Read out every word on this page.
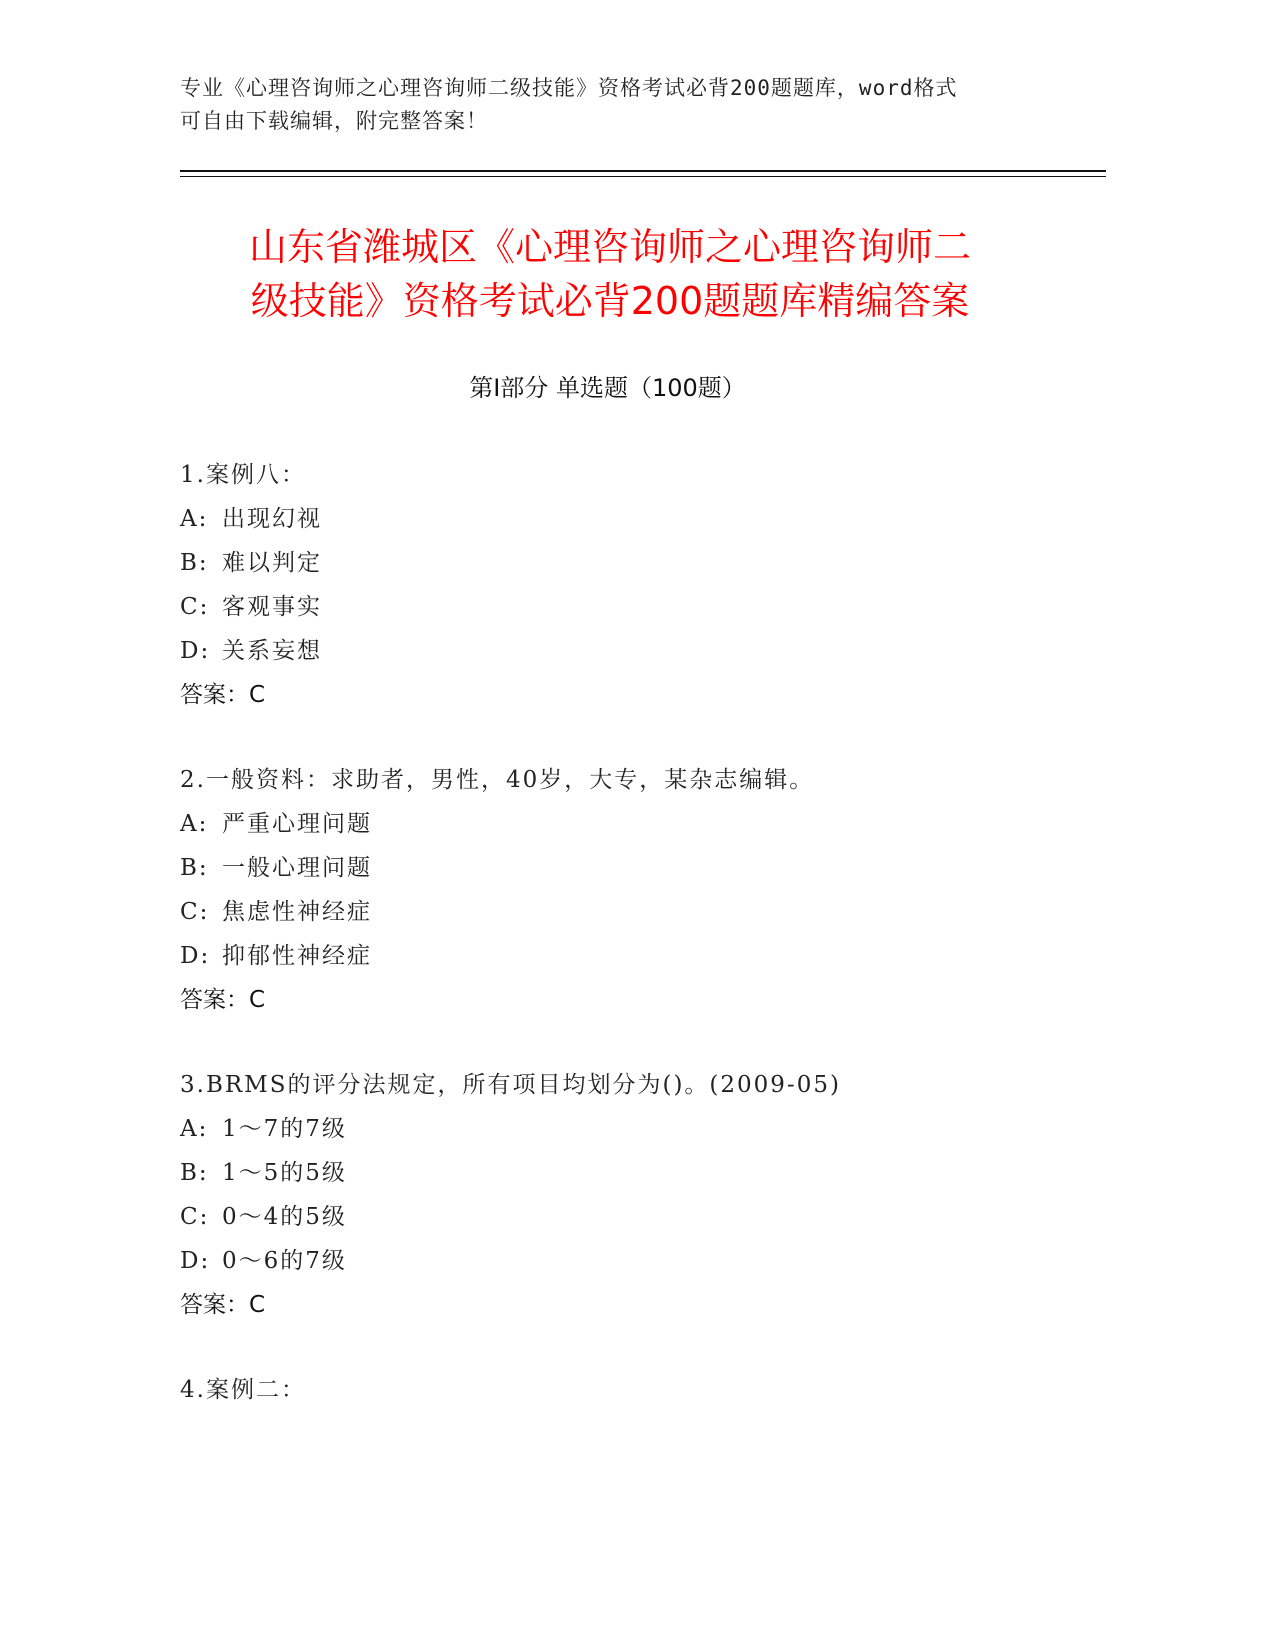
专业《心理咨询师之心理咨询师二级技能》资格考试必背200题题库，word格式
可自由下载编辑，附完整答案！
山东省潍城区《心理咨询师之心理咨询师二
级技能》资格考试必背200题题库精编答案
第Ⅰ部分 单选题（100题）
1.案例八：
A: 出现幻视
B: 难以判定
C: 客观事实
D: 关系妄想
答案：C
2.一般资料：求助者，男性，40岁，大专，某杂志编辑。
A: 严重心理问题
B: 一般心理问题
C: 焦虑性神经症
D: 抑郁性神经症
答案：C
3.BRMS的评分法规定，所有项目均划分为()。(2009-05)
A: 1～7的7级
B: 1～5的5级
C: 0～4的5级
D: 0～6的7级
答案：C
4.案例二：
